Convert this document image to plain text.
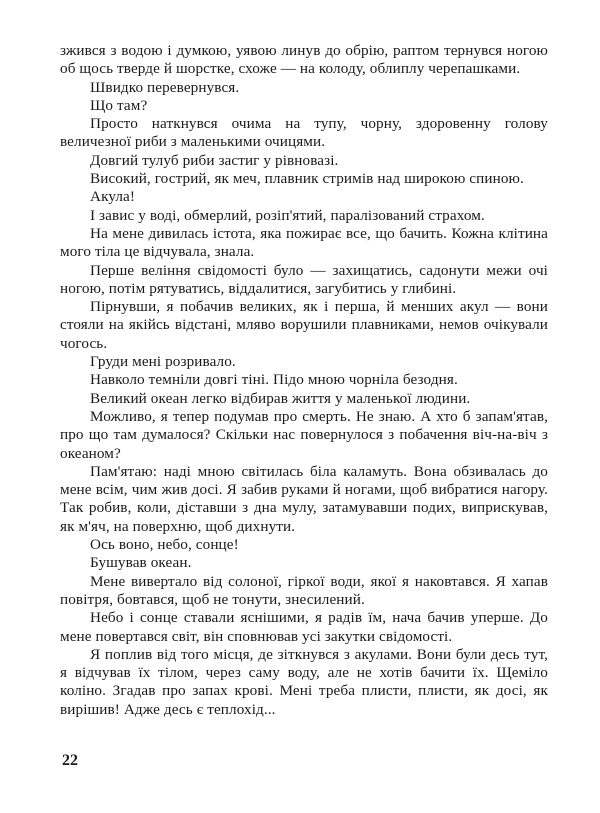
зжився з водою і думкою, уявою линув до обрію, раптом тернувся ногою об щось тверде й шорстке, схоже — на колоду, облиплу черепашками.

Швидко перевернувся.

Що там?

Просто наткнувся очима на тупу, чорну, здоровенну голову величезної риби з маленькими очицями.

Довгий тулуб риби застиг у рівновазі.

Високий, гострий, як меч, плавник стримів над широкою спиною.

Акула!

І завис у воді, обмерлий, розіп'ятий, паралізований страхом.

На мене дивилась істота, яка пожирає все, що бачить. Кожна клітина мого тіла це відчувала, знала.

Перше веління свідомості було — захищатись, садонути межи очі ногою, потім рятуватись, віддалитися, загубитись у глибині.

Пірнувши, я побачив великих, як і перша, й менших акул — вони стояли на якійсь відстані, мляво ворушили плавниками, немов очікували чогось.

Груди мені розривало.

Навколо темніли довгі тіні. Підо мною чорніла безодня.

Великий океан легко відбирав життя у маленької людини.

Можливо, я тепер подумав про смерть. Не знаю. А хто б запам'ятав, про що там думалося? Скільки нас повернулося з побачення віч-на-віч з океаном?

Пам'ятаю: наді мною світилась біла каламуть. Вона обзивалась до мене всім, чим жив досі. Я забив руками й ногами, щоб вибратися нагору. Так робив, коли, діставши з дна мулу, затамувавши подих, виприскував, як м'яч, на поверхню, щоб дихнути.

Ось воно, небо, сонце!

Бушував океан.

Мене вивертало від солоної, гіркої води, якої я наковтався. Я хапав повітря, бовтався, щоб не тонути, знесилений.

Небо і сонце ставали яснішими, я радів їм, нача бачив уперше. До мене повертався світ, він сповнював усі закутки свідомості.

Я поплив від того місця, де зіткнувся з акулами. Вони були десь тут, я відчував їх тілом, через саму воду, але не хотів бачити їх. Щеміло коліно. Згадав про запах крові. Мені треба плисти, плисти, як досі, як вирішив! Адже десь є теплохід...

22
